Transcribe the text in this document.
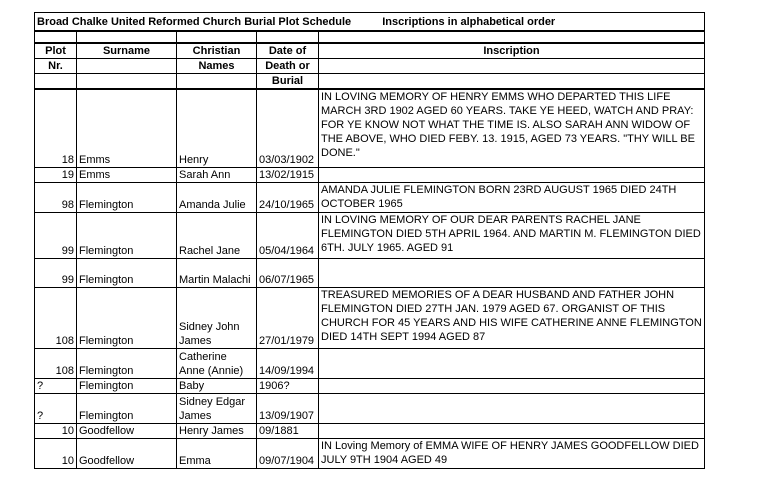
Broad Chalke United Reformed Church Burial Plot Schedule Inscriptions in alphabetical order				

Plot	Surname	Christian	Date of	Inscription
Nr.		Names	Death or	
			Burial	
18	Emms	Henry	03/03/1902	IN LOVING MEMORY OF HENRY EMMS WHO DEPARTED THIS LIFE MARCH 3RD 1902 AGED 60 YEARS. TAKE YE HEED, WATCH AND PRAY: FOR YE KNOW NOT WHAT THE TIME IS. ALSO SARAH ANN WIDOW OF THE ABOVE, WHO DIED FEBY. 13. 1915, AGED 73 YEARS. "THY WILL BE DONE."
19	Emms	Sarah Ann	13/02/1915	
98	Flemington	Amanda Julie	24/10/1965	AMANDA JULIE FLEMINGTON BORN 23RD AUGUST 1965 DIED 24TH OCTOBER 1965
99	Flemington	Rachel Jane	05/04/1964	IN LOVING MEMORY OF OUR DEAR PARENTS RACHEL JANE FLEMINGTON DIED 5TH APRIL 1964. AND MARTIN M. FLEMINGTON DIED 6TH. JULY 1965. AGED 91
99	Flemington	Martin Malachi	06/07/1965	
108	Flemington	Sidney John James	27/01/1979	TREASURED MEMORIES OF A DEAR HUSBAND AND FATHER JOHN FLEMINGTON DIED 27TH JAN. 1979 AGED 67. ORGANIST OF THIS CHURCH FOR 45 YEARS AND HIS WIFE CATHERINE ANNE FLEMINGTON DIED 14TH SEPT 1994 AGED 87
108	Flemington	Catherine Anne (Annie)	14/09/1994	
?	Flemington	Baby	1906?	
?	Flemington	Sidney Edgar James	13/09/1907	
10	Goodfellow	Henry James	09/1881	
10	Goodfellow	Emma	09/07/1904	IN Loving Memory of EMMA WIFE OF HENRY JAMES GOODFELLOW DIED JULY 9TH 1904 AGED 49
